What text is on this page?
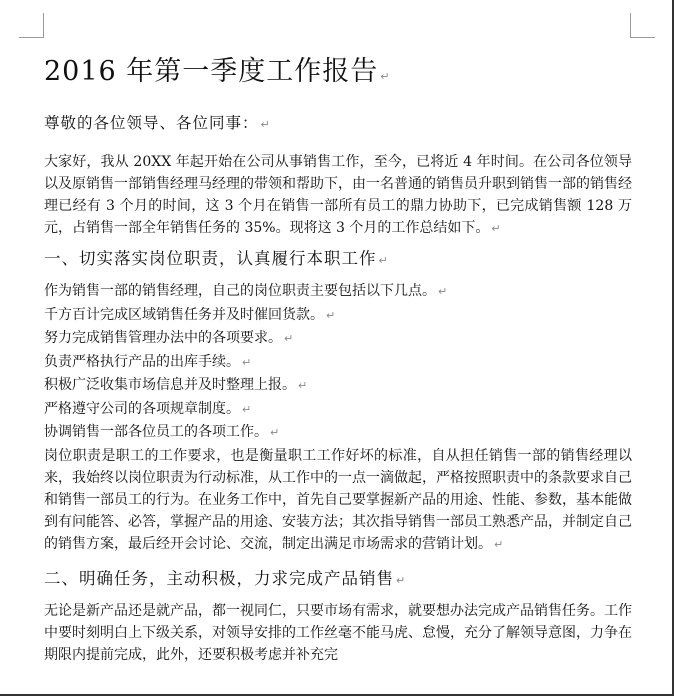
2016 年第一季度工作报告 ↵
尊敬的各位领导、各位同事： ↵

大家好，我从 20XX 年起开始在公司从事销售工作，至今，已将近 4 年时间。在公司各位领导以及原销售一部销售经理马经理的带领和帮助下，由一名普通的销售员升职到销售一部的销售经理已经有 3 个月的时间，这 3 个月在销售一部所有员工的鼎力协助下，已完成销售额 128 万元，占销售一部全年销售任务的 35%。现将这 3 个月的工作总结如下。 ↵

一、切实落实岗位职责，认真履行本职工作 ↵
作为销售一部的销售经理，自己的岗位职责主要包括以下几点。 ↵
千方百计完成区域销售任务并及时催回货款。 ↵
努力完成销售管理办法中的各项要求。 ↵
负责严格执行产品的出库手续。 ↵
积极广泛收集市场信息并及时整理上报。 ↵
严格遵守公司的各项规章制度。 ↵
协调销售一部各位员工的各项工作。 ↵

岗位职责是职工的工作要求，也是衡量职工工作好坏的标准，自从担任销售一部的销售经理以来，我始终以岗位职责为行动标准，从工作中的一点一滴做起，严格按照职责中的条款要求自己和销售一部员工的行为。在业务工作中，首先自己要掌握新产品的用途、性能、参数，基本能做到有问能答、必答，掌握产品的用途、安装方法；其次指导销售一部员工熟悉产品，并制定自己的销售方案，最后经开会讨论、交流，制定出满足市场需求的营销计划。 ↵

二、明确任务，主动积极，力求完成产品销售 ↵

无论是新产品还是就产品，都一视同仁，只要市场有需求，就要想办法完成产品销售任务。工作中要时刻明白上下级关系，对领导安排的工作丝毫不能马虎、怠慢，充分了解领导意图，力争在期限内提前完成，此外，还要积极考虑并补充完
